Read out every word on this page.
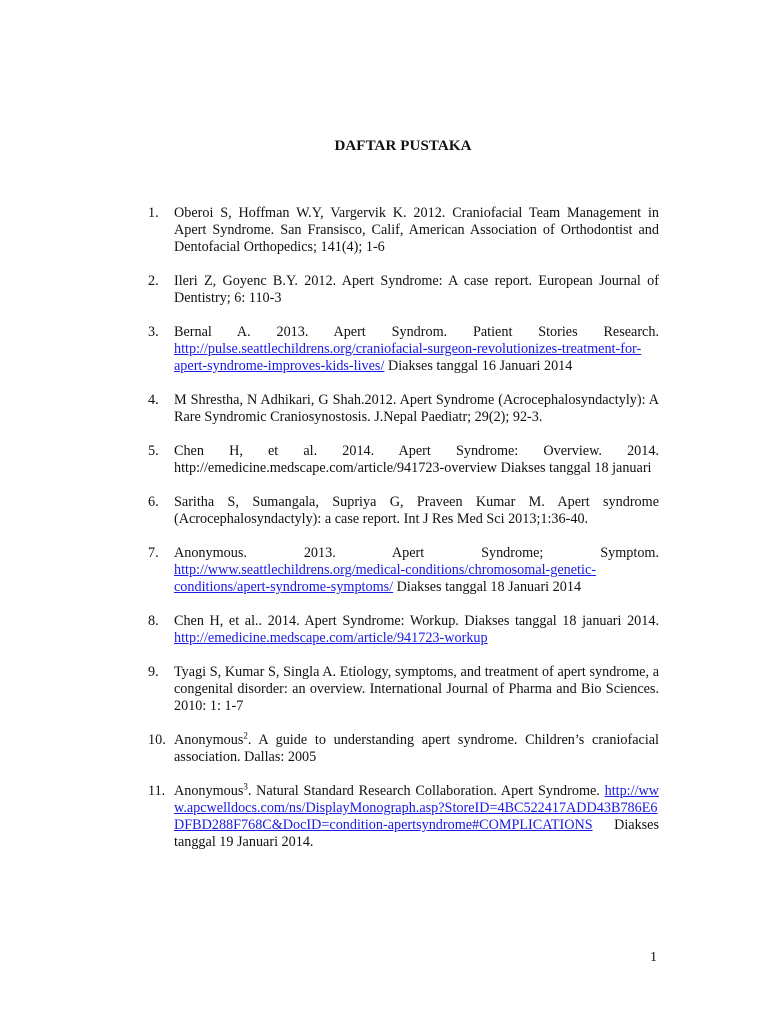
DAFTAR PUSTAKA
1.	Oberoi S, Hoffman W.Y, Vargervik K. 2012. Craniofacial Team Management in Apert Syndrome. San Fransisco, Calif, American Association of Orthodontist and Dentofacial Orthopedics; 141(4); 1-6
2.	Ileri Z, Goyenc B.Y. 2012. Apert Syndrome: A case report. European Journal of Dentistry; 6: 110-3
3.	Bernal A. 2013. Apert Syndrom. Patient Stories Research. http://pulse.seattlechildrens.org/craniofacial-surgeon-revolutionizes-treatment-for-apert-syndrome-improves-kids-lives/ Diakses tanggal 16 Januari 2014
4.	M Shrestha, N Adhikari, G Shah.2012. Apert Syndrome (Acrocephalosyndactyly): A Rare Syndromic Craniosynostosis. J.Nepal Paediatr; 29(2); 92-3.
5.	Chen H, et al. 2014. Apert Syndrome: Overview. 2014. http://emedicine.medscape.com/article/941723-overview Diakses tanggal 18 januari
6.	Saritha S, Sumangala, Supriya G, Praveen Kumar M. Apert syndrome (Acrocephalosyndactyly): a case report. Int J Res Med Sci 2013;1:36-40.
7.	Anonymous. 2013. Apert Syndrome; Symptom. http://www.seattlechildrens.org/medical-conditions/chromosomal-genetic-conditions/apert-syndrome-symptoms/ Diakses tanggal 18 Januari 2014
8.	Chen H, et al.. 2014. Apert Syndrome: Workup. Diakses tanggal 18 januari 2014. http://emedicine.medscape.com/article/941723-workup
9.	Tyagi S, Kumar S, Singla A. Etiology, symptoms, and treatment of apert syndrome, a congenital disorder: an overview. International Journal of Pharma and Bio Sciences. 2010: 1: 1-7
10. Anonymous$^2$. A guide to understanding apert syndrome. Children’s craniofacial association. Dallas: 2005
11. Anonymous$^3$. Natural Standard Research Collaboration. Apert Syndrome. http://www.apcwelldocs.com/ns/DisplayMonograph.asp?StoreID=4BC522417ADD43B786E6DFBD288F768C&DocID=condition-apertsyndrome#COMPLICATIONS Diakses tanggal 19 Januari 2014.
1
